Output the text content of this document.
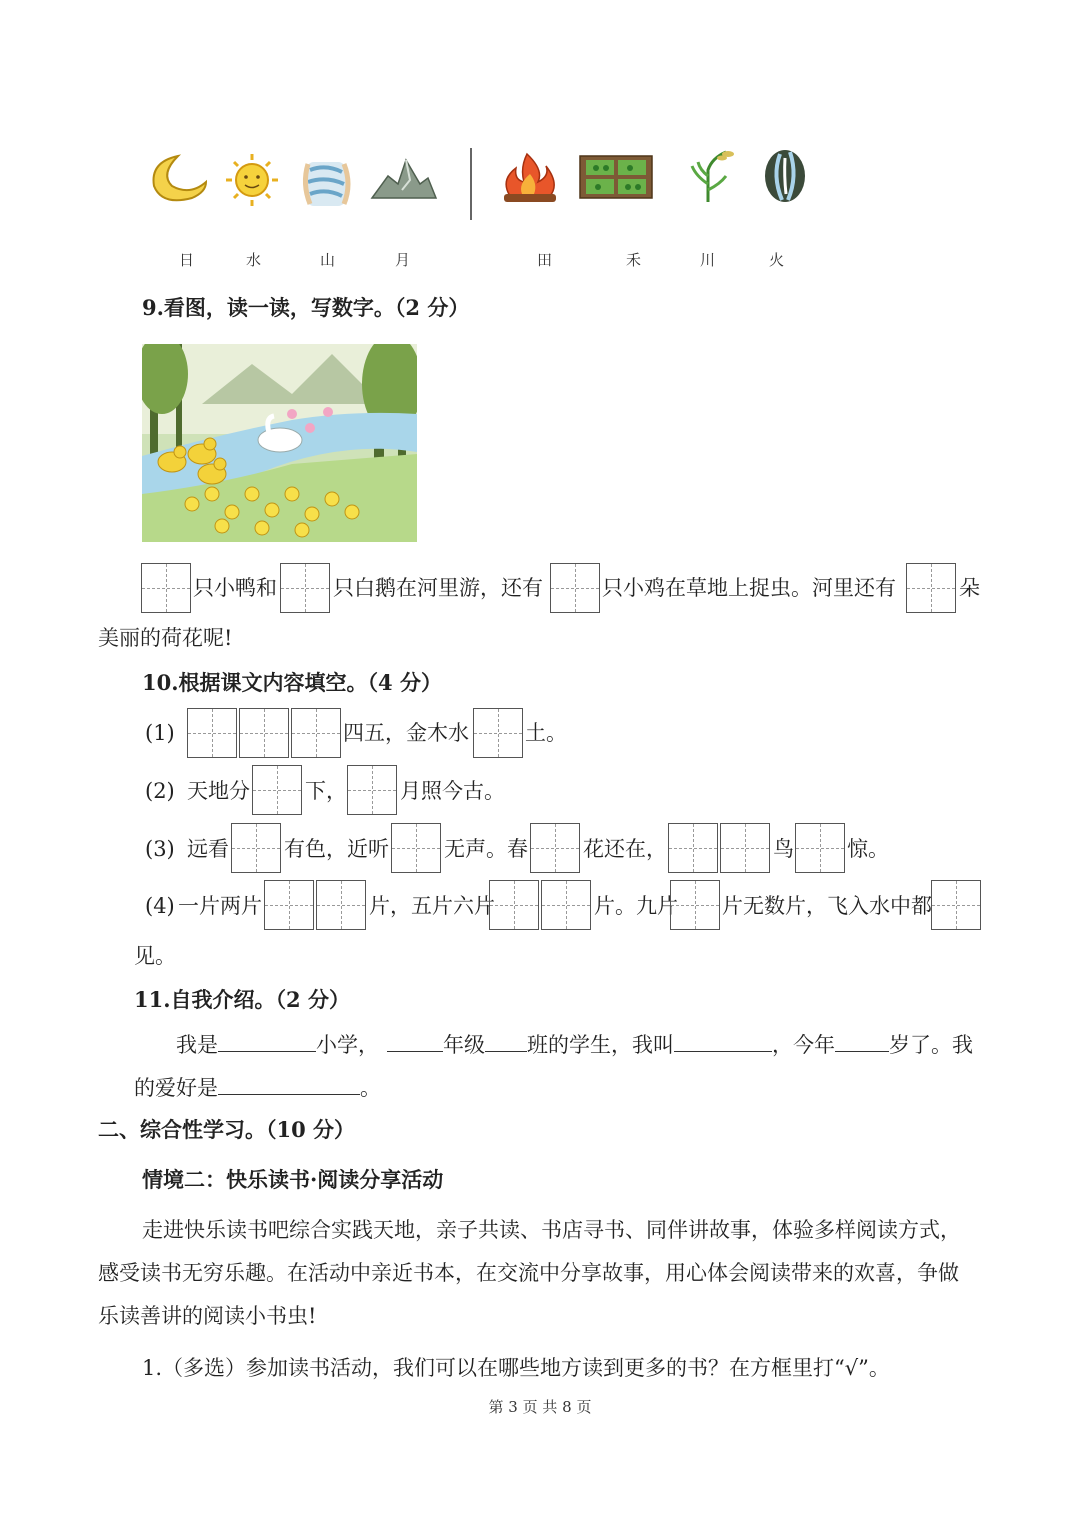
日	水	山	月	田	禾	川	火
9.看图，读一读，写数字。（2 分）
只小鸭和	只白鹅在河里游，还有	只小鸡在草地上捉虫。河里还有	朵
美丽的荷花呢!
10.根据课文内容填空。（4 分）
(1)	四五，金木水	土。
(2) 天地分	下，	月照今古。
(3) 远看	有色，近听	无声。春	花还在，	鸟	惊。
(4) 一片两片	片，五片六片	片。九片 片无数片，飞入水中都
见。
11.自我介绍。（2 分）
我是	小学，	年级 班的学生，我叫	，今年	岁了。我
的爱好是	。
二、综合性学习。（10 分）
情境二：快乐读书·阅读分享活动
走进快乐读书吧综合实践天地，亲子共读、书店寻书、同伴讲故事，体验多样阅读方式，
感受读书无穷乐趣。在活动中亲近书本，在交流中分享故事，用心体会阅读带来的欢喜，争做
乐读善讲的阅读小书虫!
1.（多选）参加读书活动，我们可以在哪些地方读到更多的书？在方框里打“√”。
第 3 页 共 8 页
